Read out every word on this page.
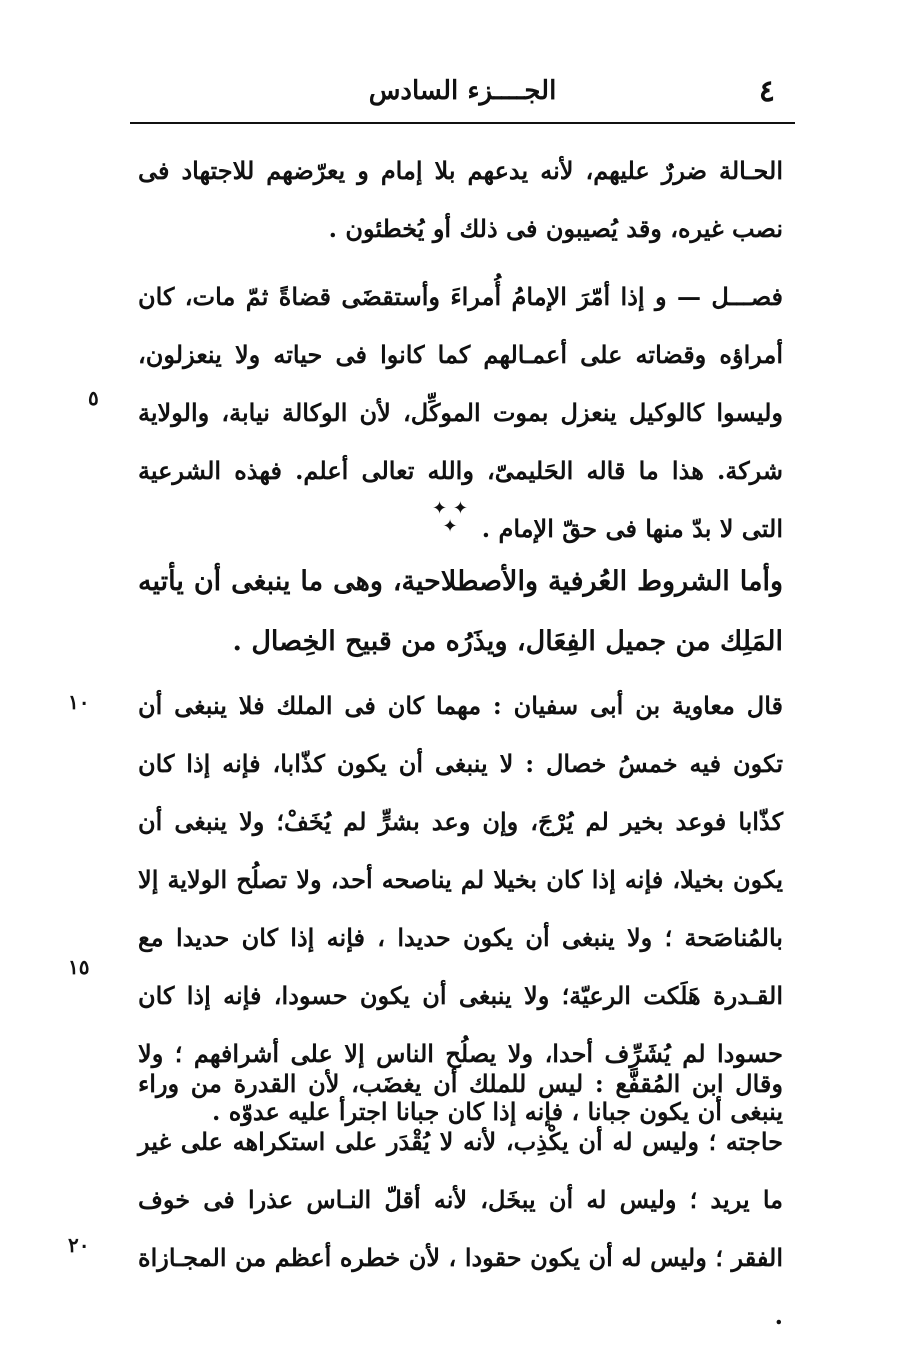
الجــــزء السادس	٤
الحـالة ضررٌ عليهم، لأنه يدعهم بلا إمام و يعرّضهم للاجتهاد فى نصب غيره، وقد يُصيبون فى ذلك أو يُخطئون .
فصـــل — و إذا أمّرَ الإمامُ أُمراءَ وأستقضَى قضاةً ثمّ مات، كان أمراؤه وقضاته على أعمـالهم كما كانوا فى حياته ولا ينعزلون، وليسوا كالوكيل ينعزل بموت الموكِّل، لأن الوكالة نيابة، والولاية شركة. هذا ما قاله الحَليمىّ، والله تعالى أعلم. فهذه الشرعية التى لا بدّ منها فى حقّ الإمام .
✦ ✦ ✦
وأما الشروط العُرفية والأصطلاحية، وهى ما ينبغى أن يأتيه المَلِك من جميل الفِعَال، ويذَرُه من قبيح الخِصال .
قال معاوية بن أبى سفيان : مهما كان فى الملك فلا ينبغى أن تكون فيه خمسُ خصال : لا ينبغى أن يكون كذّابا، فإنه إذا كان كذّابا فوعد بخير لم يُرْجَ، وإن وعد بشرٍّ لم يُخَفْ؛ ولا ينبغى أن يكون بخيلا، فإنه إذا كان بخيلا لم يناصحه أحد، ولا تصلُح الولاية إلا بالمُناصَحة ؛ ولا ينبغى أن يكون حديدا ، فإنه إذا كان حديدا مع القـدرة هَلَكت الرعيّة؛ ولا ينبغى أن يكون حسودا، فإنه إذا كان حسودا لم يُشَرِّف أحدا، ولا يصلُح الناس إلا على أشرافهم ؛ ولا ينبغى أن يكون جبانا ، فإنه إذا كان جبانا اجترأ عليه عدوّه .
وقال ابن المُقفَّع : ليس للملك أن يغضَب، لأن القدرة من وراء حاجته ؛ وليس له أن يكْذِب، لأنه لا يُقْدَر على استكراهه على غير ما يريد ؛ وليس له أن يبخَل، لأنه أقلّ النـاس عذرا فى خوف الفقر ؛ وليس له أن يكون حقودا ، لأن خطره أعظم من المجـازاة .
٥
١٠
١٥
٢٠
